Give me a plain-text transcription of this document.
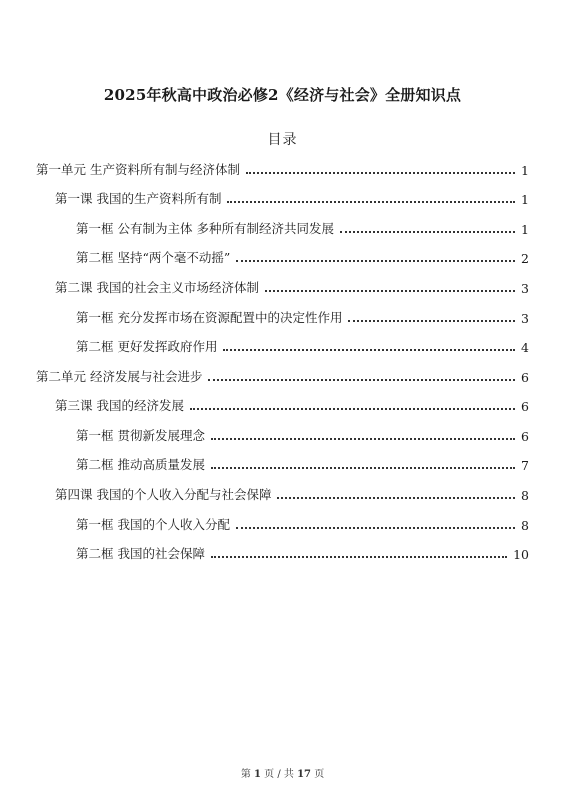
2025年秋高中政治必修2《经济与社会》全册知识点
目录
第一单元 生产资料所有制与经济体制	1
第一课 我国的生产资料所有制	1
第一框 公有制为主体 多种所有制经济共同发展	1
第二框 坚持“两个毫不动摇”	2
第二课 我国的社会主义市场经济体制	3
第一框 充分发挥市场在资源配置中的决定性作用	3
第二框 更好发挥政府作用	4
第二单元 经济发展与社会进步	6
第三课 我国的经济发展	6
第一框 贯彻新发展理念	6
第二框 推动高质量发展	7
第四课 我国的个人收入分配与社会保障	8
第一框 我国的个人收入分配	8
第二框 我国的社会保障	10
第 1 页 / 共 17 页
